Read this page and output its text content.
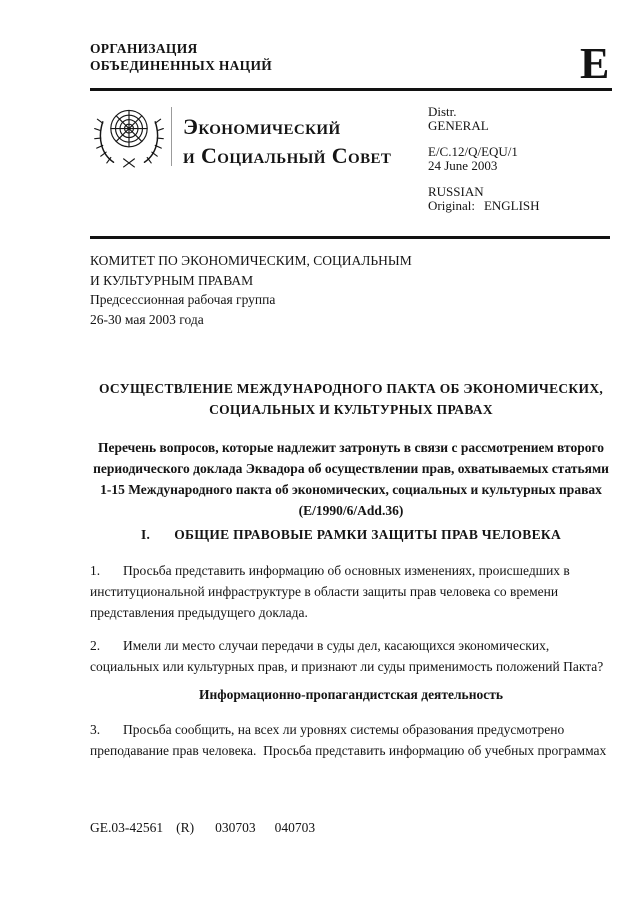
ОРГАНИЗАЦИЯ
ОБЪЕДИНЕННЫХ НАЦИЙ	E
Экономический
и Социальный Совет

Distr.

GENERAL

E/C.12/Q/EQU/1

24 June 2003

RUSSIAN

Original: ENGLISH

КОМИТЕТ ПО ЭКОНОМИЧЕСКИМ, СОЦИАЛЬНЫМ

И КУЛЬТУРНЫМ ПРАВАМ

Предсессионная рабочая группа

26-30 мая 2003 года

ОСУЩЕСТВЛЕНИЕ МЕЖДУНАРОДНОГО ПАКТА ОБ ЭКОНОМИЧЕСКИХ, СОЦИАЛЬНЫХ И КУЛЬТУРНЫХ ПРАВАХ
Перечень вопросов, которые надлежит затронуть в связи с рассмотрением второго периодического доклада Эквадора об осуществлении прав, охватываемых статьями 1-15 Международного пакта об экономических, социальных и культурных правах (E/1990/6/Add.36)
I. ОБЩИЕ ПРАВОВЫЕ РАМКИ ЗАЩИТЫ ПРАВ ЧЕЛОВЕКА

1. Просьба представить информацию об основных изменениях, происшедших в институциональной инфраструктуре в области защиты прав человека со времени представления предыдущего доклада.

2. Имели ли место случаи передачи в суды дел, касающихся экономических, социальных или культурных прав, и признают ли суды применимость положений Пакта?

Информационно-пропагандистская деятельность

3. Просьба сообщить, на всех ли уровнях системы образования предусмотрено преподавание прав человека.  Просьба представить информацию об учебных программах

GE.03-42561 (R) 030703 040703
